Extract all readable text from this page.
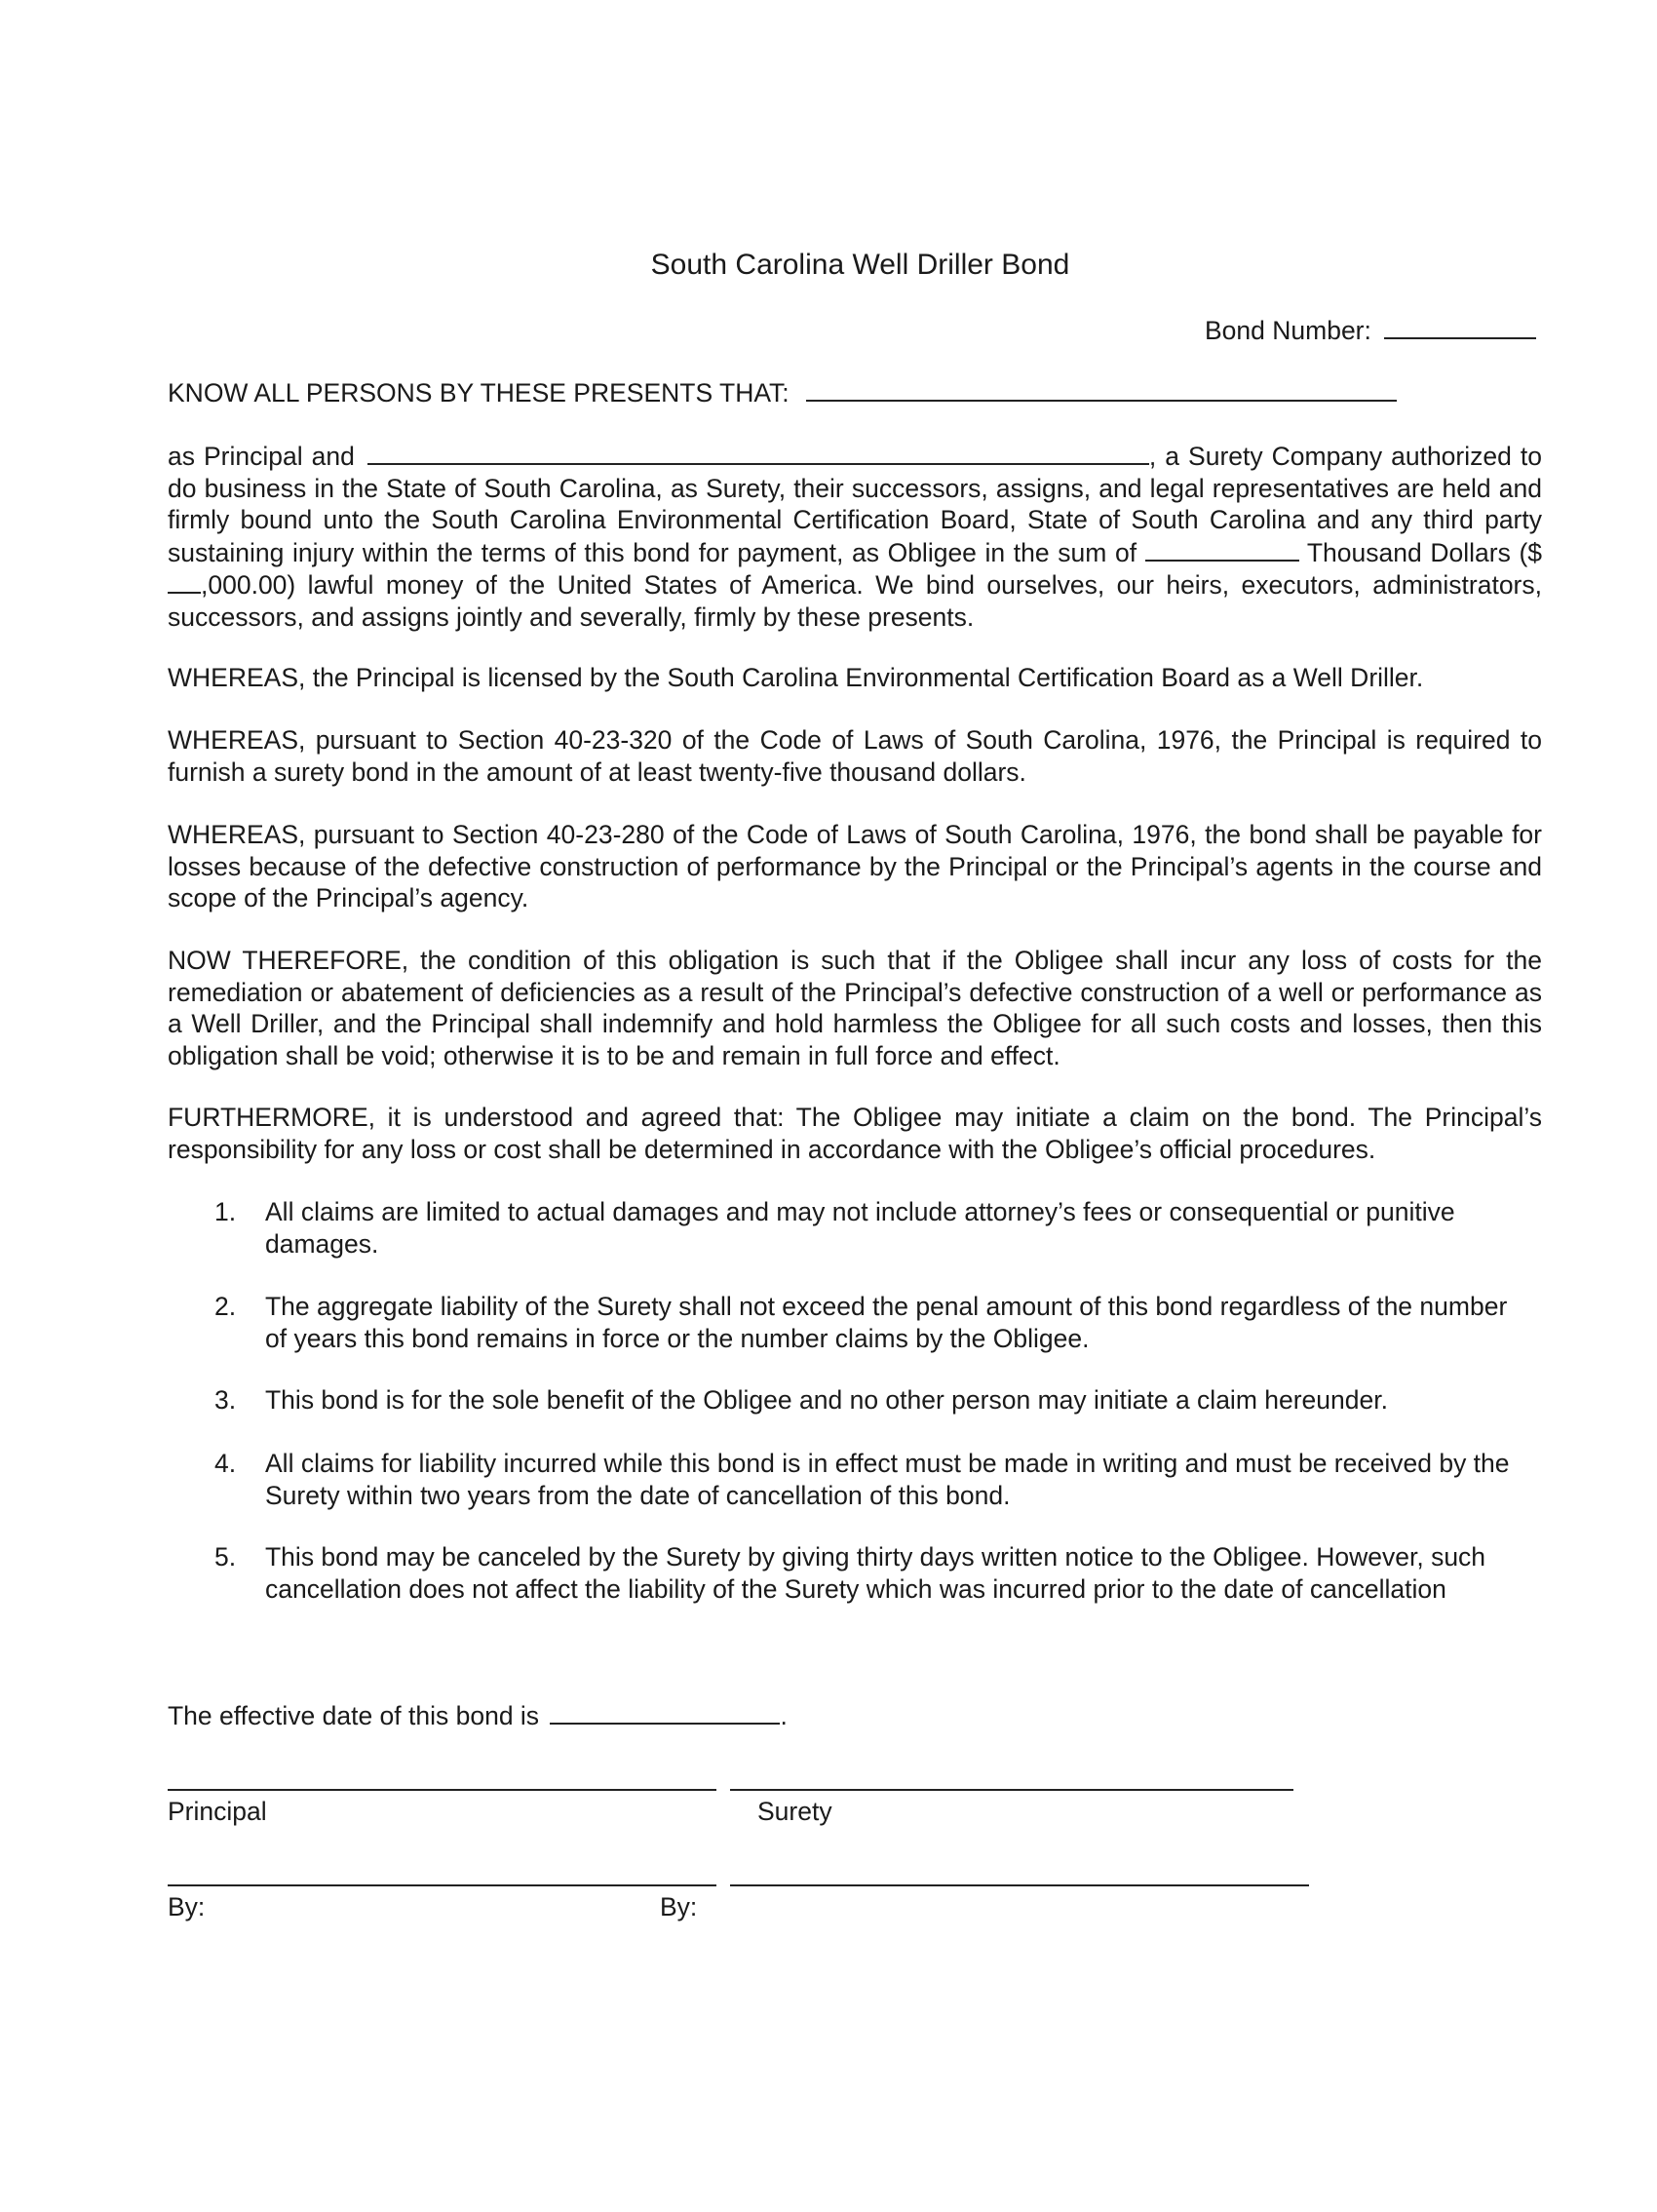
South Carolina Well Driller Bond
Bond Number:
KNOW ALL PERSONS BY THESE PRESENTS THAT:
as Principal and	, a Surety Company authorized to do business in the State of South Carolina, as Surety, their successors, assigns, and legal representatives are held and firmly bound unto the South Carolina Environmental Certification Board, State of South Carolina and any third party sustaining injury within the terms of this bond for payment, as Obligee in the sum of	Thousand Dollars ($,000.00) lawful money of the United States of America. We bind ourselves, our heirs, executors, administrators, successors, and assigns jointly and severally, firmly by these presents.
WHEREAS, the Principal is licensed by the South Carolina Environmental Certification Board as a Well Driller.
WHEREAS, pursuant to Section 40-23-320 of the Code of Laws of South Carolina, 1976, the Principal is required to furnish a surety bond in the amount of at least twenty-five thousand dollars.
WHEREAS, pursuant to Section 40-23-280 of the Code of Laws of South Carolina, 1976, the bond shall be payable for losses because of the defective construction of performance by the Principal or the Principal’s agents in the course and scope of the Principal’s agency.
NOW THEREFORE, the condition of this obligation is such that if the Obligee shall incur any loss of costs for the remediation or abatement of deficiencies as a result of the Principal’s defective construction of a well or performance as a Well Driller, and the Principal shall indemnify and hold harmless the Obligee for all such costs and losses, then this obligation shall be void; otherwise it is to be and remain in full force and effect.
FURTHERMORE, it is understood and agreed that: The Obligee may initiate a claim on the bond. The Principal’s responsibility for any loss or cost shall be determined in accordance with the Obligee’s official procedures.
1. All claims are limited to actual damages and may not include attorney’s fees or consequential or punitive damages.
2. The aggregate liability of the Surety shall not exceed the penal amount of this bond regardless of the number of years this bond remains in force or the number claims by the Obligee.
3. This bond is for the sole benefit of the Obligee and no other person may initiate a claim hereunder.
4. All claims for liability incurred while this bond is in effect must be made in writing and must be received by the Surety within two years from the date of cancellation of this bond.
5. This bond may be canceled by the Surety by giving thirty days written notice to the Obligee. However, such cancellation does not affect the liability of the Surety which was incurred prior to the date of cancellation
The effective date of this bond is	.
Principal	Surety
By:	By:
